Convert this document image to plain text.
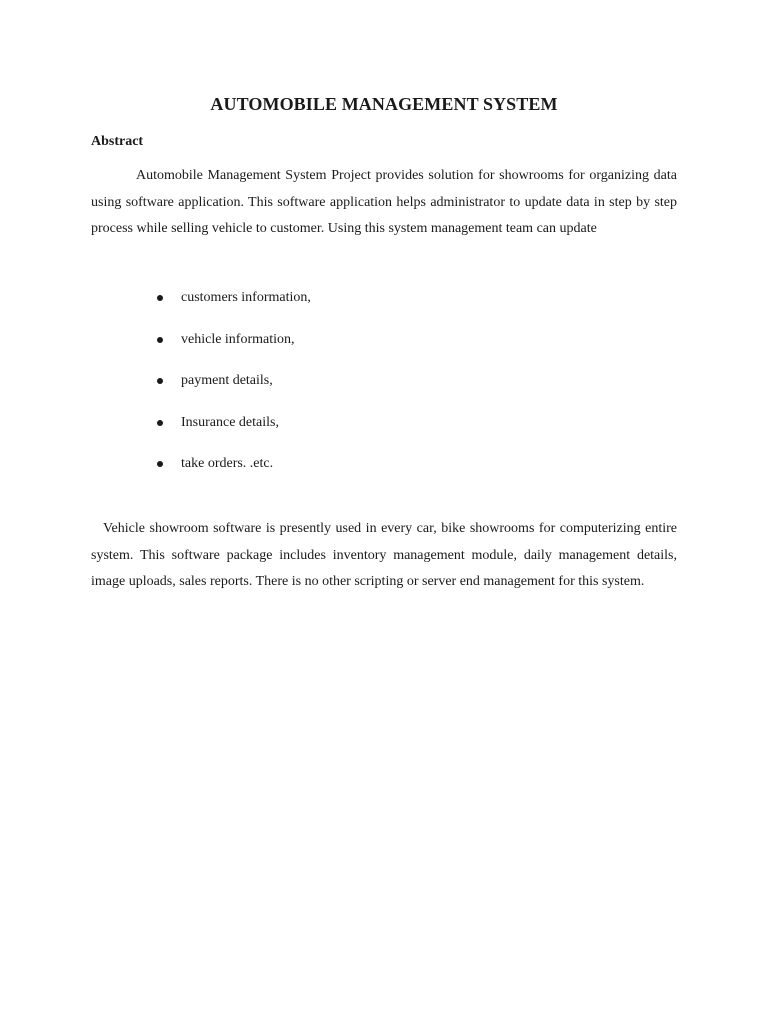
AUTOMOBILE MANAGEMENT SYSTEM
Abstract

Automobile Management System Project provides solution for showrooms for organizing data using software application. This software application helps administrator to update data in step by step process while selling vehicle to customer. Using this system management team can update

customers information,
vehicle information,
payment details,
Insurance details,
take orders. .etc.

Vehicle showroom software is presently used in every car, bike showrooms for computerizing entire system. This software package includes inventory management module, daily management details, image uploads, sales reports. There is no other scripting or server end management for this system.
